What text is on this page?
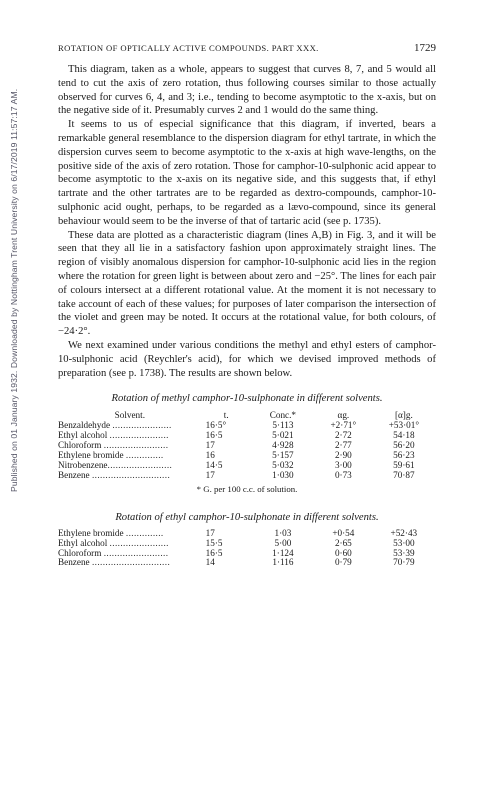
Published on 01 January 1932. Downloaded by Nottingham Trent University on 6/17/2019 11:57:17 AM.
ROTATION OF OPTICALLY ACTIVE COMPOUNDS. PART XXX.	1729

This diagram, taken as a whole, appears to suggest that curves 8, 7, and 5 would all tend to cut the axis of zero rotation, thus following courses similar to those actually observed for curves 6, 4, and 3; i.e., tending to become asymptotic to the x-axis, but on the negative side of it. Presumably curves 2 and 1 would do the same thing.

It seems to us of especial significance that this diagram, if inverted, bears a remarkable general resemblance to the dispersion diagram for ethyl tartrate, in which the dispersion curves seem to become asymptotic to the x-axis at high wave-lengths, on the positive side of the axis of zero rotation. Those for camphor-10-sulphonic acid appear to become asymptotic to the x-axis on its negative side, and this suggests that, if ethyl tartrate and the other tartrates are to be regarded as dextro-compounds, camphor-10-sulphonic acid ought, perhaps, to be regarded as a lævo-compound, since its general behaviour would seem to be the inverse of that of tartaric acid (see p. 1735).

These data are plotted as a characteristic diagram (lines A,B) in Fig. 3, and it will be seen that they all lie in a satisfactory fashion upon approximately straight lines. The region of visibly anomalous dispersion for camphor-10-sulphonic acid lies in the region where the rotation for green light is between about zero and −25°. The lines for each pair of colours intersect at a different rotational value. At the moment it is not necessary to take account of each of these values; for purposes of later comparison the intersection of the violet and green may be noted. It occurs at the rotational value, for both colours, of −24·2°.

We next examined under various conditions the methyl and ethyl esters of camphor-10-sulphonic acid (Reychler's acid), for which we devised improved methods of preparation (see p. 1738). The results are shown below.

Rotation of methyl camphor-10-sulphonate in different solvents.
Solvent.	t.	Conc.*	αg.	[α]g.
Benzaldehyde ......................	16·5°	5·113	+2·71°	+53·01°
Ethyl alcohol ......................	16·5	5·021	2·72	54·18
Chloroform ........................	17	4·928	2·77	56·20
Ethylene bromide ..............	16	5·157	2·90	56·23
Nitrobenzene........................	14·5	5·032	3·00	59·61
Benzene .............................	17	1·030	0·73	70·87
* G. per 100 c.c. of solution.
Rotation of ethyl camphor-10-sulphonate in different solvents.
Ethylene bromide ..............	17	1·03	+0·54	+52·43
Ethyl alcohol ......................	15·5	5·00	2·65	53·00
Chloroform ........................	16·5	1·124	0·60	53·39
Benzene .............................	14	1·116	0·79	70·79
